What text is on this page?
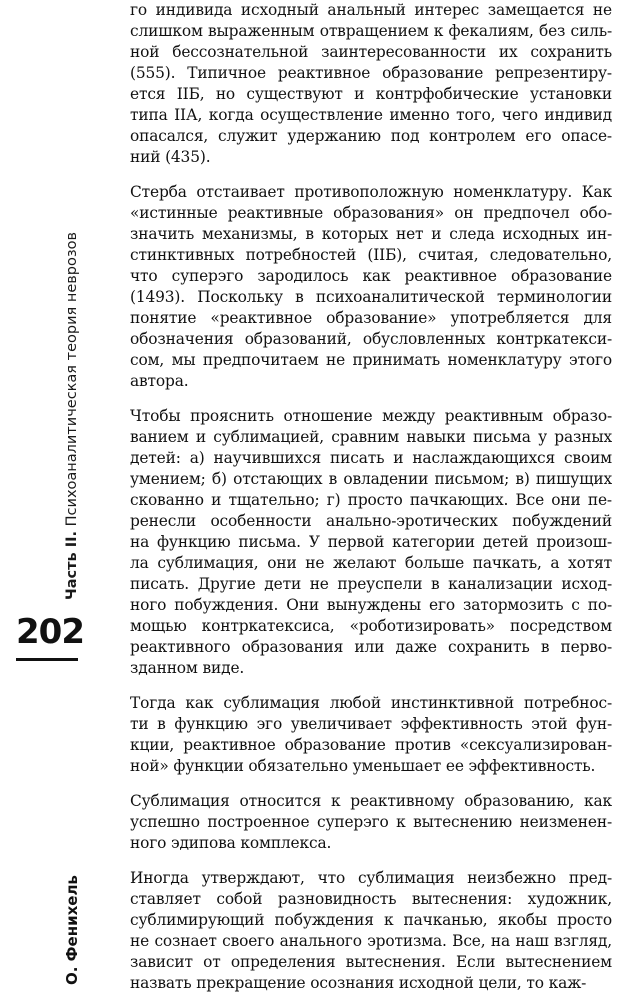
Часть II. Психоаналитическая теория неврозов
202
О. Фенихель
го индивида исходный анальный интерес замещается не
слишком выраженным отвращением к фекалиям, без силь-
ной бессознательной заинтересованности их сохранить
(555). Типичное реактивное образование репрезентиру-
ется IIБ, но существуют и контрфобические установки
типа IIА, когда осуществление именно того, чего индивид
опасался, служит удержанию под контролем его опасе-
ний (435).
Стерба отстаивает противоположную номенклатуру. Как
«истинные реактивные образования» он предпочел обо-
значить механизмы, в которых нет и следа исходных ин-
стинктивных потребностей (IIБ), считая, следовательно,
что суперэго зародилось как реактивное образование
(1493). Поскольку в психоаналитической терминологии
понятие «реактивное образование» употребляется для
обозначения образований, обусловленных контркатекси-
сом, мы предпочитаем не принимать номенклатуру этого
автора.
Чтобы прояснить отношение между реактивным образо-
ванием и сублимацией, сравним навыки письма у разных
детей: а) научившихся писать и наслаждающихся своим
умением; б) отстающих в овладении письмом; в) пишущих
скованно и тщательно; г) просто пачкающих. Все они пе-
ренесли особенности анально-эротических побуждений
на функцию письма. У первой категории детей произош-
ла сублимация, они не желают больше пачкать, а хотят
писать. Другие дети не преуспели в канализации исход-
ного побуждения. Они вынуждены его затормозить с по-
мощью контркатексиса, «роботизировать» посредством
реактивного образования или даже сохранить в перво-
зданном виде.
Тогда как сублимация любой инстинктивной потребнос-
ти в функцию эго увеличивает эффективность этой фун-
кции, реактивное образование против «сексуализирован-
ной» функции обязательно уменьшает ее эффективность.
Сублимация относится к реактивному образованию, как
успешно построенное суперэго к вытеснению неизменен-
ного эдипова комплекса.
Иногда утверждают, что сублимация неизбежно пред-
ставляет собой разновидность вытеснения: художник,
сублимирующий побуждения к пачканью, якобы просто
не сознает своего анального эротизма. Все, на наш взгляд,
зависит от определения вытеснения. Если вытеснением
назвать прекращение осознания исходной цели, то каж-
